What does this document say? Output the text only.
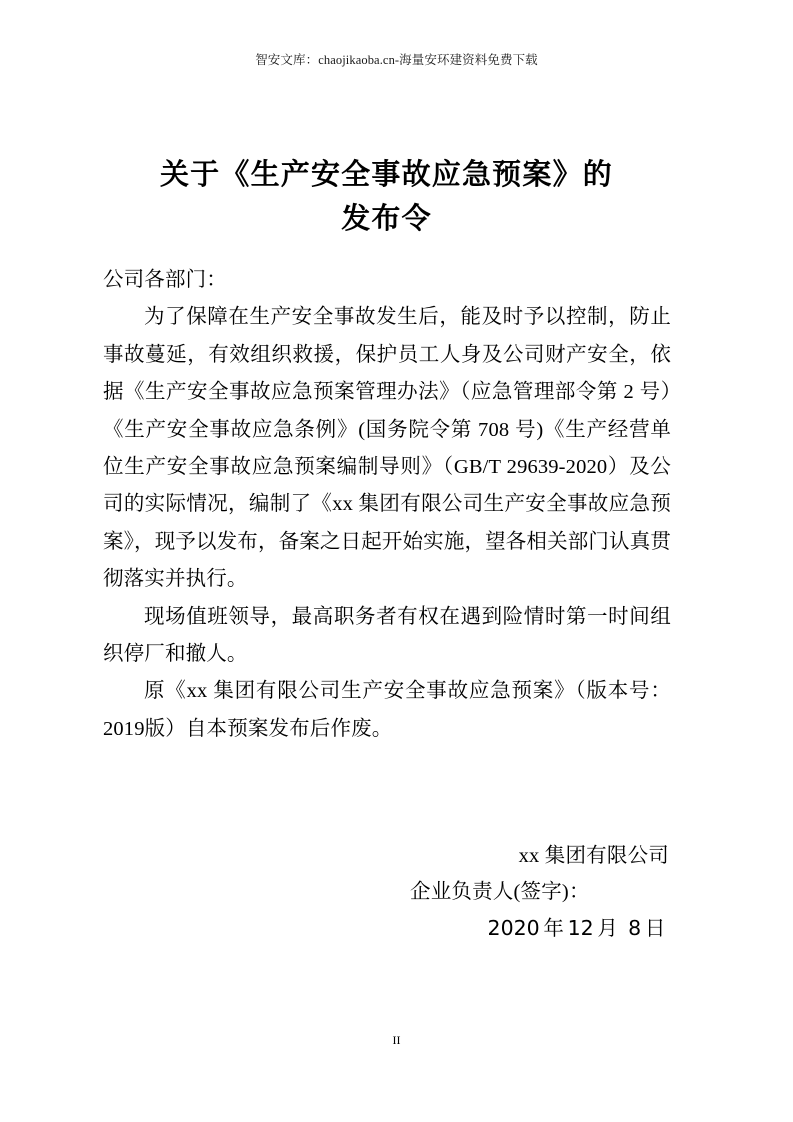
智安文库：chaojikaoba.cn-海量安环建资料免费下载
关于《生产安全事故应急预案》的
发布令

公司各部门：

为了保障在生产安全事故发生后，能及时予以控制，防止事故蔓延，有效组织救援，保护员工人身及公司财产安全，依据《生产安全事故应急预案管理办法》（应急管理部令第 2 号）《生产安全事故应急条例》(国务院令第 708 号)《生产经营单位生产安全事故应急预案编制导则》（GB/T 29639-2020）及公司的实际情况，编制了《xx 集团有限公司生产安全事故应急预案》，现予以发布，备案之日起开始实施，望各相关部门认真贯彻落实并执行。

现场值班领导，最高职务者有权在遇到险情时第一时间组织停厂和撤人。

原《xx 集团有限公司生产安全事故应急预案》（版本号：2019版）自本预案发布后作废。

xx 集团有限公司
企业负责人(签字)：
2020 年 12 月 8 日
II
